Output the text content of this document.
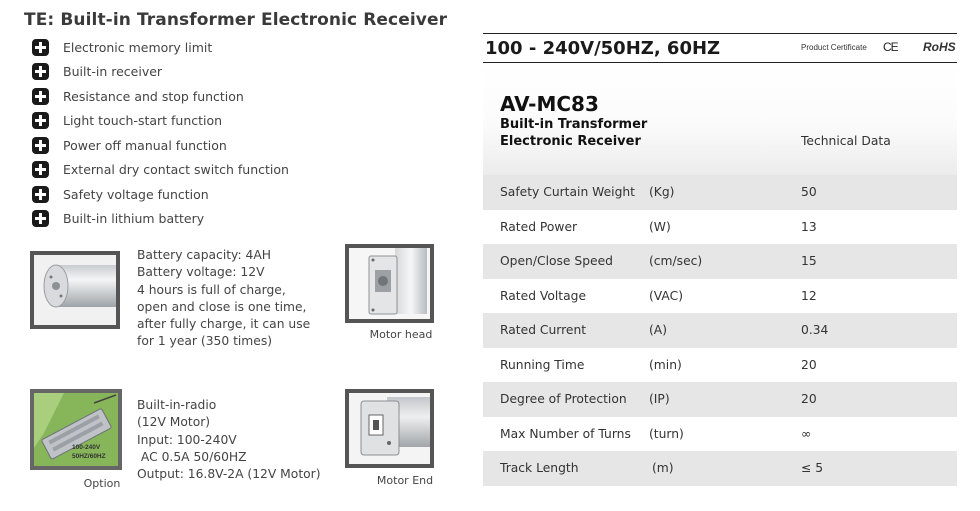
TE: Built-in Transformer Electronic Receiver
Electronic memory limit
Built-in receiver
Resistance and stop function
Light touch-start function
Power off manual function
External dry contact switch function
Safety voltage function
Built-in lithium battery
Battery capacity: 4AH
Battery voltage: 12V
4 hours is full of charge,
open and close is one time,
after fully charge, it can use
for 1 year (350 times)	Motor head
100-240V
50HZ/60HZ
Option
Built-in-radio
(12V Motor)
Input: 100-240V
AC 0.5A 50/60HZ
Output: 16.8V-2A (12V Motor)	Motor End
100 - 240V/50HZ, 60HZ	Product Certificate CE RoHS
AV-MC83
Built-in Transformer
Electronic Receiver	Technical Data
Safety Curtain Weight	(Kg)	50
Rated Power	(W)	13
Open/Close Speed	(cm/sec)	15
Rated Voltage	(VAC)	12
Rated Current	(A)	0.34
Running Time	(min)	20
Degree of Protection	(IP)	20
Max Number of Turns	(turn)	∞
Track Length	(m)	≤ 5
